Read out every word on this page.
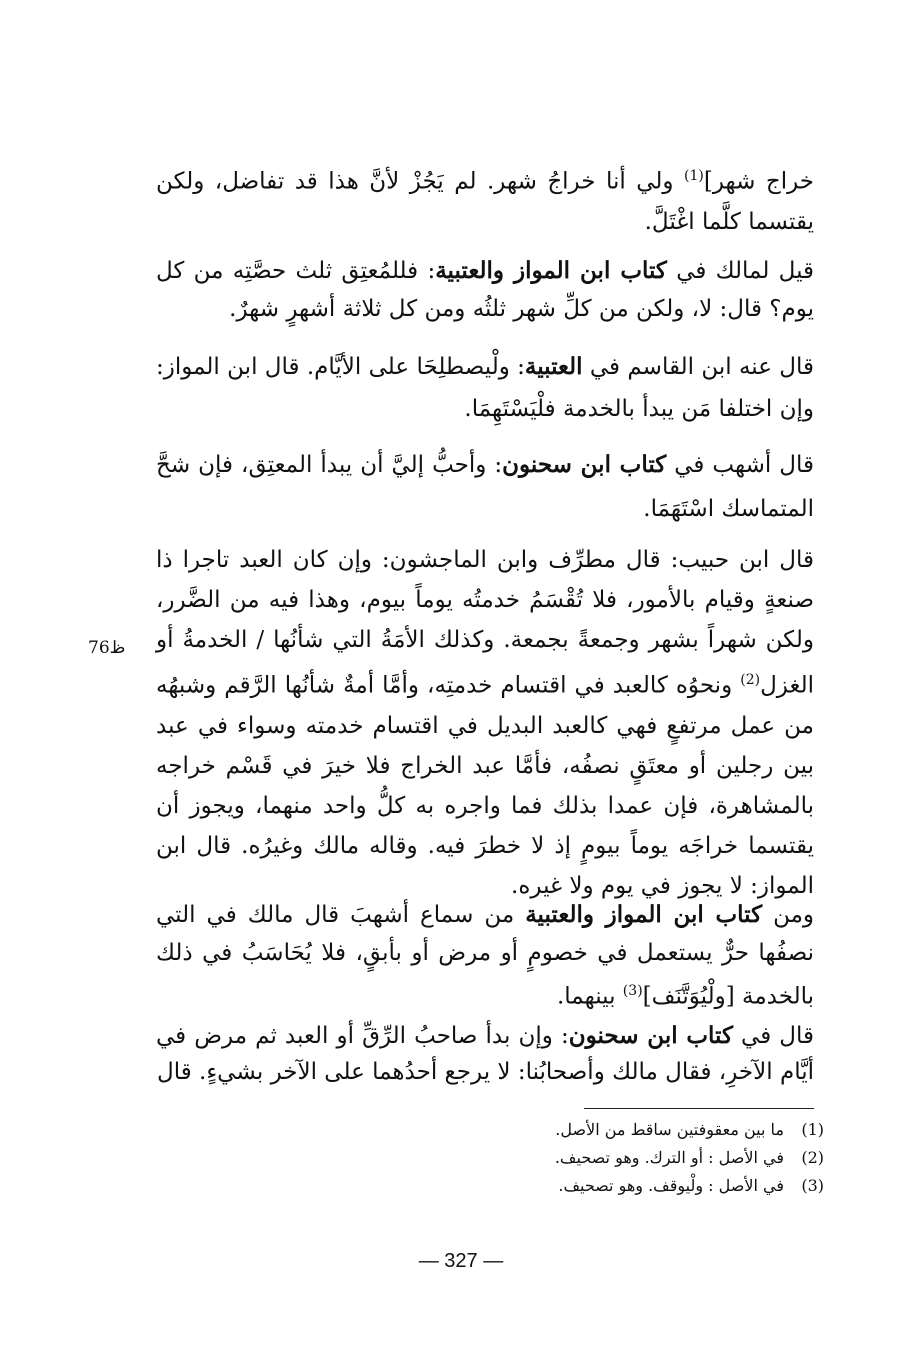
خراج شهر]$^{(1)}$ ولي أنا خراجُ شهر. لم يَجُزْ لأنَّ هذا قد تفاضل، ولكن يقتسما كلَّما اغْتَلَّ.

قيل لمالك في كتاب ابن المواز والعتبية: فللمُعتِق ثلث حصَّتِه من كل يوم؟ قال: لا، ولكن من كلِّ شهر ثلثُه ومن كل ثلاثة أشهرٍ شهرٌ.

قال عنه ابن القاسم في العتبية: ولْيصطلِحَا على الأيَّام. قال ابن المواز: وإن اختلفا مَن يبدأ بالخدمة فلْيَسْتَهِمَا.

قال أشهب في كتاب ابن سحنون: وأحبُّ إليَّ أن يبدأ المعتِق، فإن شحَّ المتماسك اسْتَهَمَا.

قال ابن حبيب: قال مطرِّف وابن الماجشون: وإن كان العبد تاجرا ذا صنعةٍ وقيام بالأمور، فلا تُقْسَمُ خدمتُه يوماً بيوم، وهذا فيه من الضَّرر، ولكن شهراً بشهر وجمعةً بجمعة. وكذلك الأمَةُ التي شأنُها / الخدمةُ أو الغزل$^{(2)}$ ونحوُه كالعبد في اقتسام خدمتِه، وأمَّا أمةٌ شأنُها الرَّقم وشبهُه من عمل مرتفعٍ فهي كالعبد البديل في اقتسام خدمته وسواء في عبد بين رجلين أو معتَقٍ نصفُه، فأمَّا عبد الخراج فلا خيرَ في قَسْم خراجه بالمشاهرة، فإن عمدا بذلك فما واجره به كلُّ واحد منهما، ويجوز أن يقتسما خراجَه يوماً بيومٍ إذ لا خطرَ فيه. وقاله مالك وغيرُه. قال ابن المواز: لا يجوز في يوم ولا غيره.

ومن كتاب ابن المواز والعتبية من سماع أشهبَ قال مالك في التي نصفُها حرٌّ يستعمل في خصومٍ أو مرض أو بأبقٍ، فلا يُحَاسَبُ في ذلك بالخدمة [ولْيُوَتَّنَف]$^{(3)}$ بينهما.

قال في كتاب ابن سحنون: وإن بدأ صاحبُ الرِّقِّ أو العبد ثم مرض في أيَّام الآخرِ، فقال مالك وأصحابُنا: لا يرجع أحدُهما على الآخر بشيءٍ. قال

ظ76
(1)
ما بين معقوفتين ساقط من الأصل.
(2)
في الأصل : أو الترك. وهو تصحيف.
(3)
في الأصل : ولْيوقف. وهو تصحيف.
— 327 —
